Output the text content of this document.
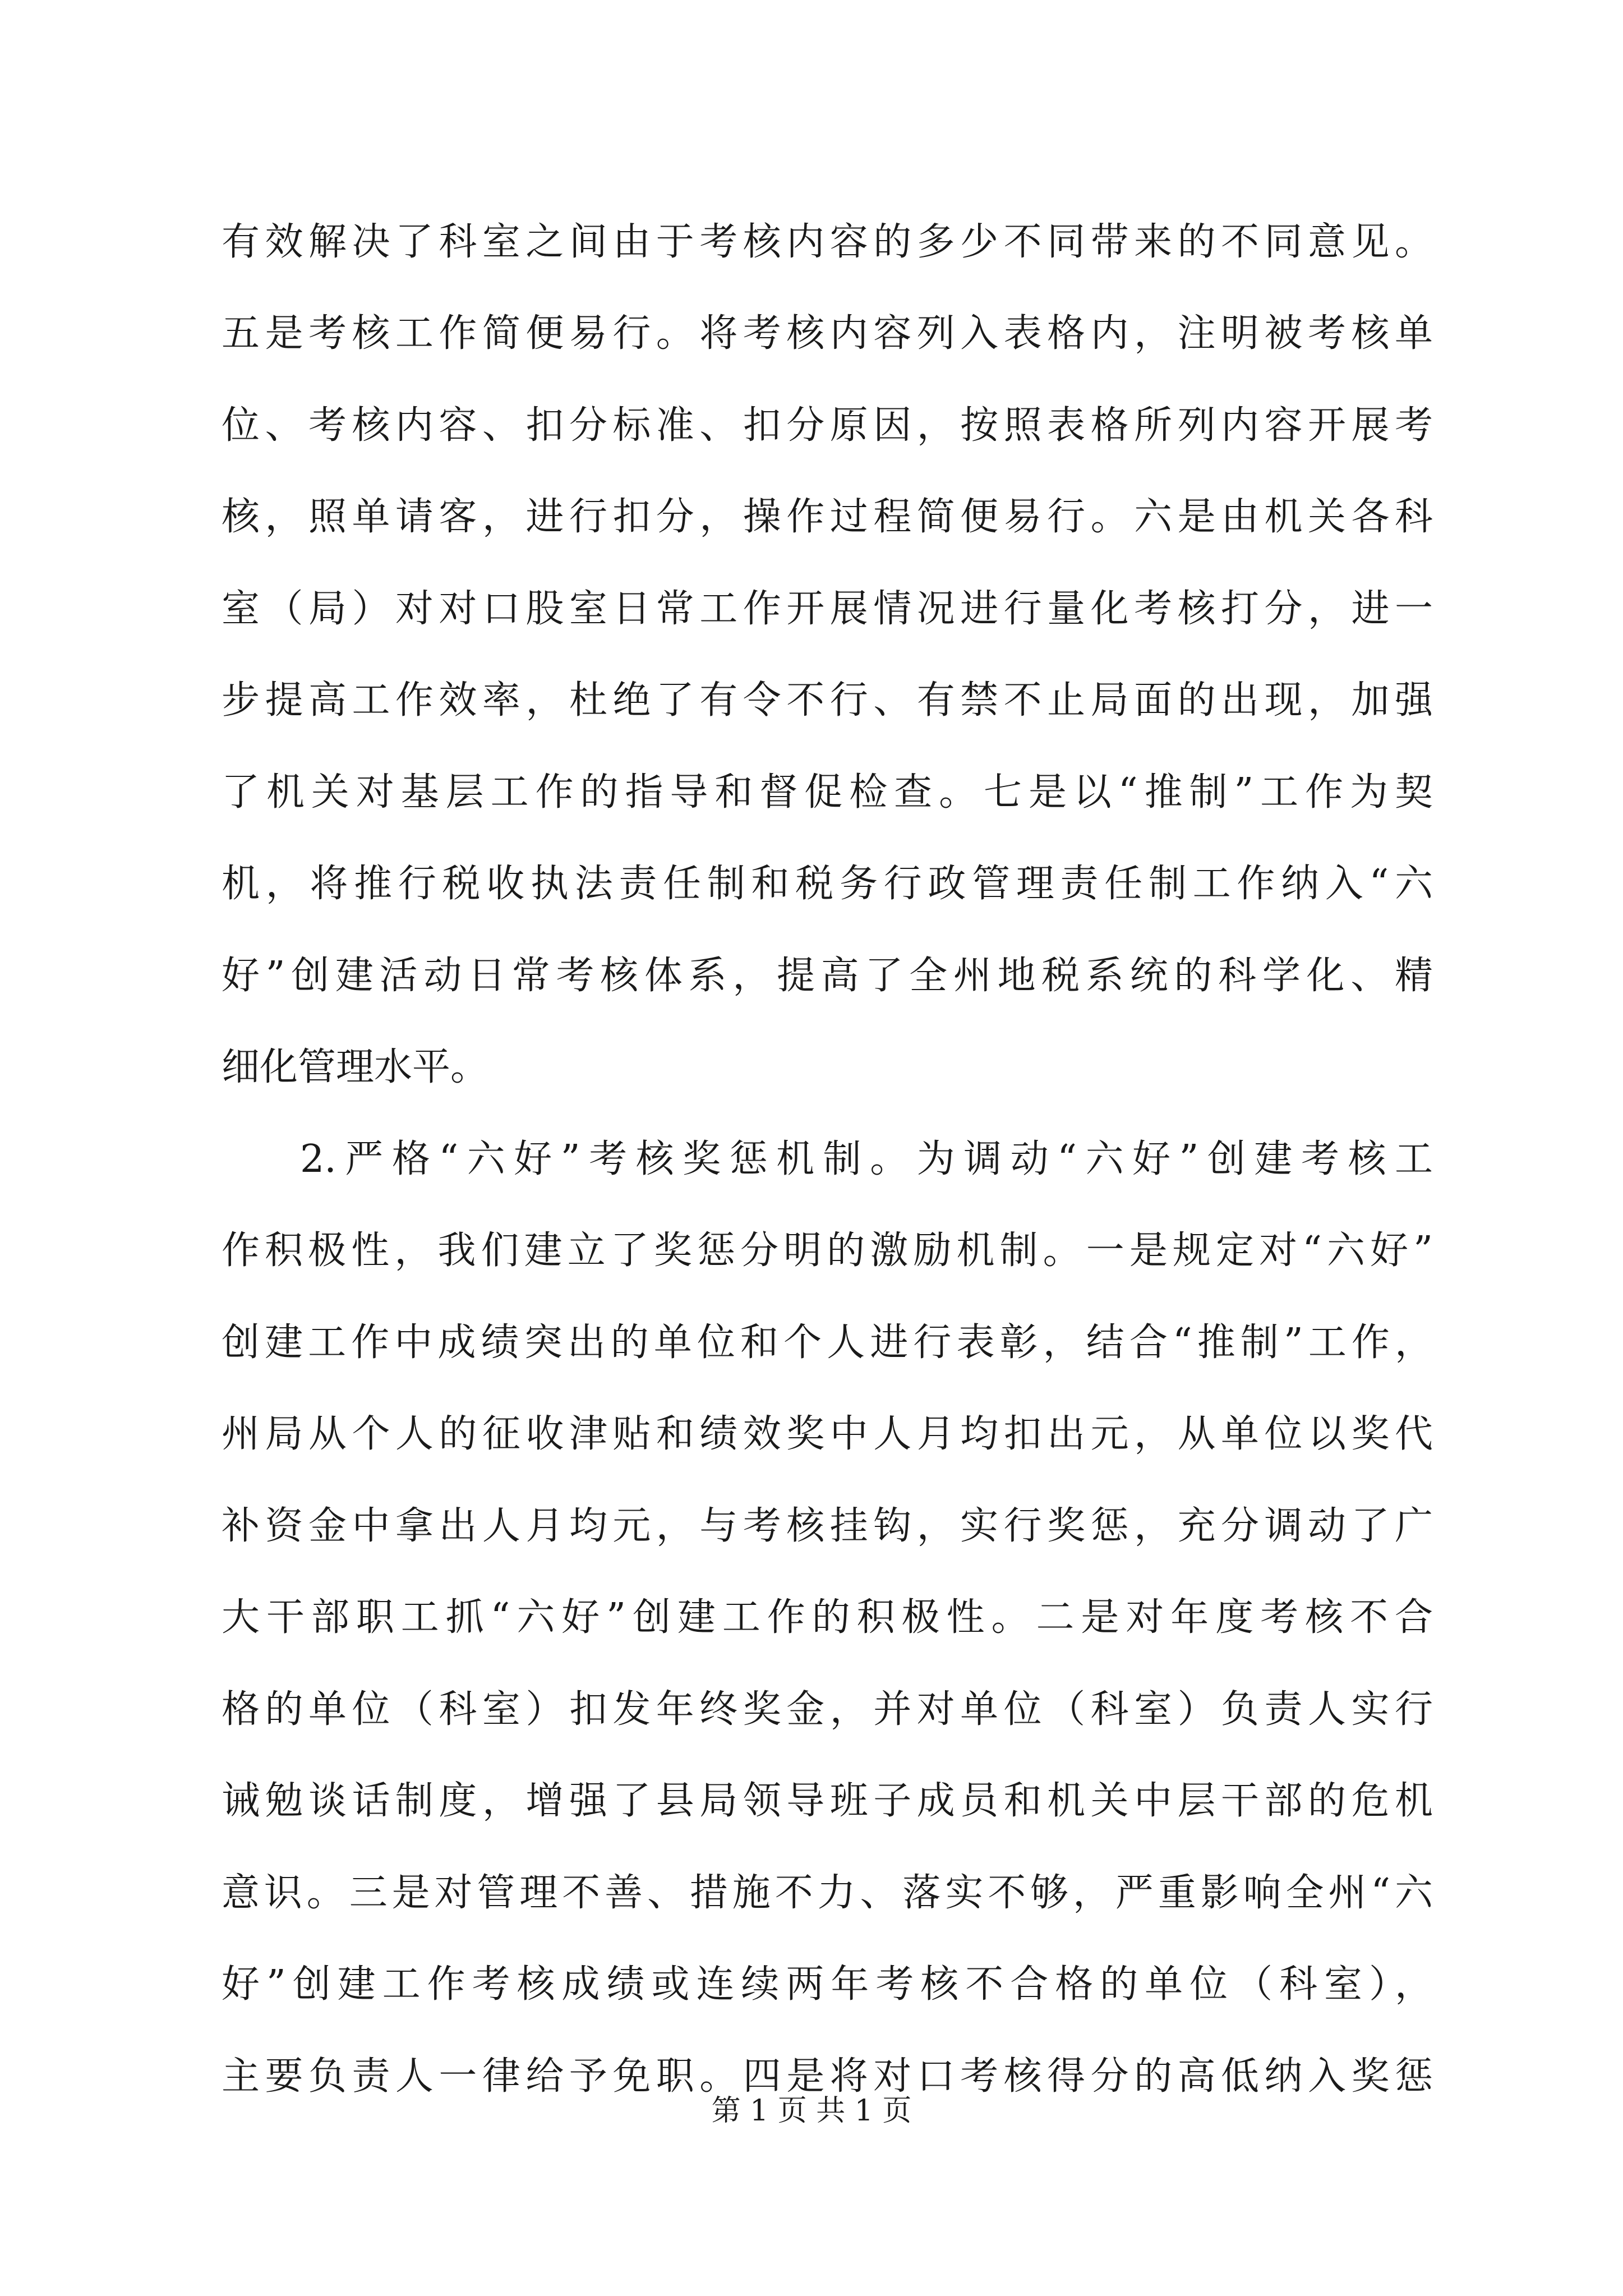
有效解决了科室之间由于考核内容的多少不同带来的不同意见。
五是考核工作简便易行。将考核内容列入表格内，注明被考核单
位、考核内容、扣分标准、扣分原因，按照表格所列内容开展考
核，照单请客，进行扣分，操作过程简便易行。六是由机关各科
室（局）对对口股室日常工作开展情况进行量化考核打分，进一
步提高工作效率，杜绝了有令不行、有禁不止局面的出现，加强
了机关对基层工作的指导和督促检查。七是以“推制”工作为契
机，将推行税收执法责任制和税务行政管理责任制工作纳入“六
好”创建活动日常考核体系，提高了全州地税系统的科学化、精
细化管理水平。
2.严格“六好”考核奖惩机制。为调动“六好”创建考核工
作积极性，我们建立了奖惩分明的激励机制。一是规定对“六好”
创建工作中成绩突出的单位和个人进行表彰，结合“推制”工作，
州局从个人的征收津贴和绩效奖中人月均扣出元，从单位以奖代
补资金中拿出人月均元，与考核挂钩，实行奖惩，充分调动了广
大干部职工抓“六好”创建工作的积极性。二是对年度考核不合
格的单位（科室）扣发年终奖金，并对单位（科室）负责人实行
诫勉谈话制度，增强了县局领导班子成员和机关中层干部的危机
意识。三是对管理不善、措施不力、落实不够，严重影响全州“六
好”创建工作考核成绩或连续两年考核不合格的单位（科室），
主要负责人一律给予免职。四是将对口考核得分的高低纳入奖惩
第 1 页 共 1 页
